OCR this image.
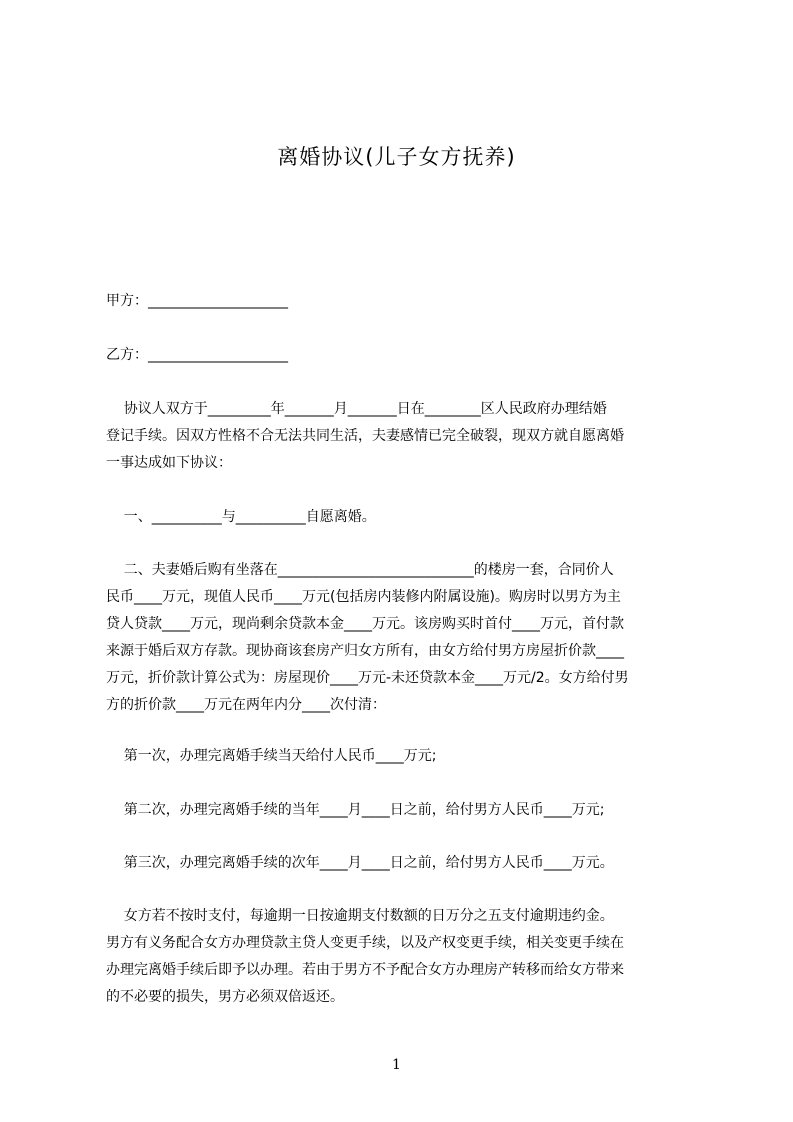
离婚协议(儿子女方抚养)
甲方：____________________
乙方：____________________
协议人双方于_________年_______月_______日在________区人民政府办理结婚
登记手续。因双方性格不合无法共同生活，夫妻感情已完全破裂，现双方就自愿离婚
一事达成如下协议：
一、__________与__________自愿离婚。
二、夫妻婚后购有坐落在____________________________的楼房一套，合同价人
民币____万元，现值人民币____万元(包括房内装修内附属设施)。购房时以男方为主
贷人贷款____万元，现尚剩余贷款本金____万元。该房购买时首付____万元，首付款
来源于婚后双方存款。现协商该套房产归女方所有，由女方给付男方房屋折价款____
万元，折价款计算公式为：房屋现价____万元-未还贷款本金____万元/2。女方给付男
方的折价款____万元在两年内分____次付清：
第一次，办理完离婚手续当天给付人民币____万元;
第二次，办理完离婚手续的当年____月____日之前，给付男方人民币____万元;
第三次，办理完离婚手续的次年____月____日之前，给付男方人民币____万元。
女方若不按时支付，每逾期一日按逾期支付数额的日万分之五支付逾期违约金。
男方有义务配合女方办理贷款主贷人变更手续，以及产权变更手续，相关变更手续在
办理完离婚手续后即予以办理。若由于男方不予配合女方办理房产转移而给女方带来
的不必要的损失，男方必须双倍返还。
1
